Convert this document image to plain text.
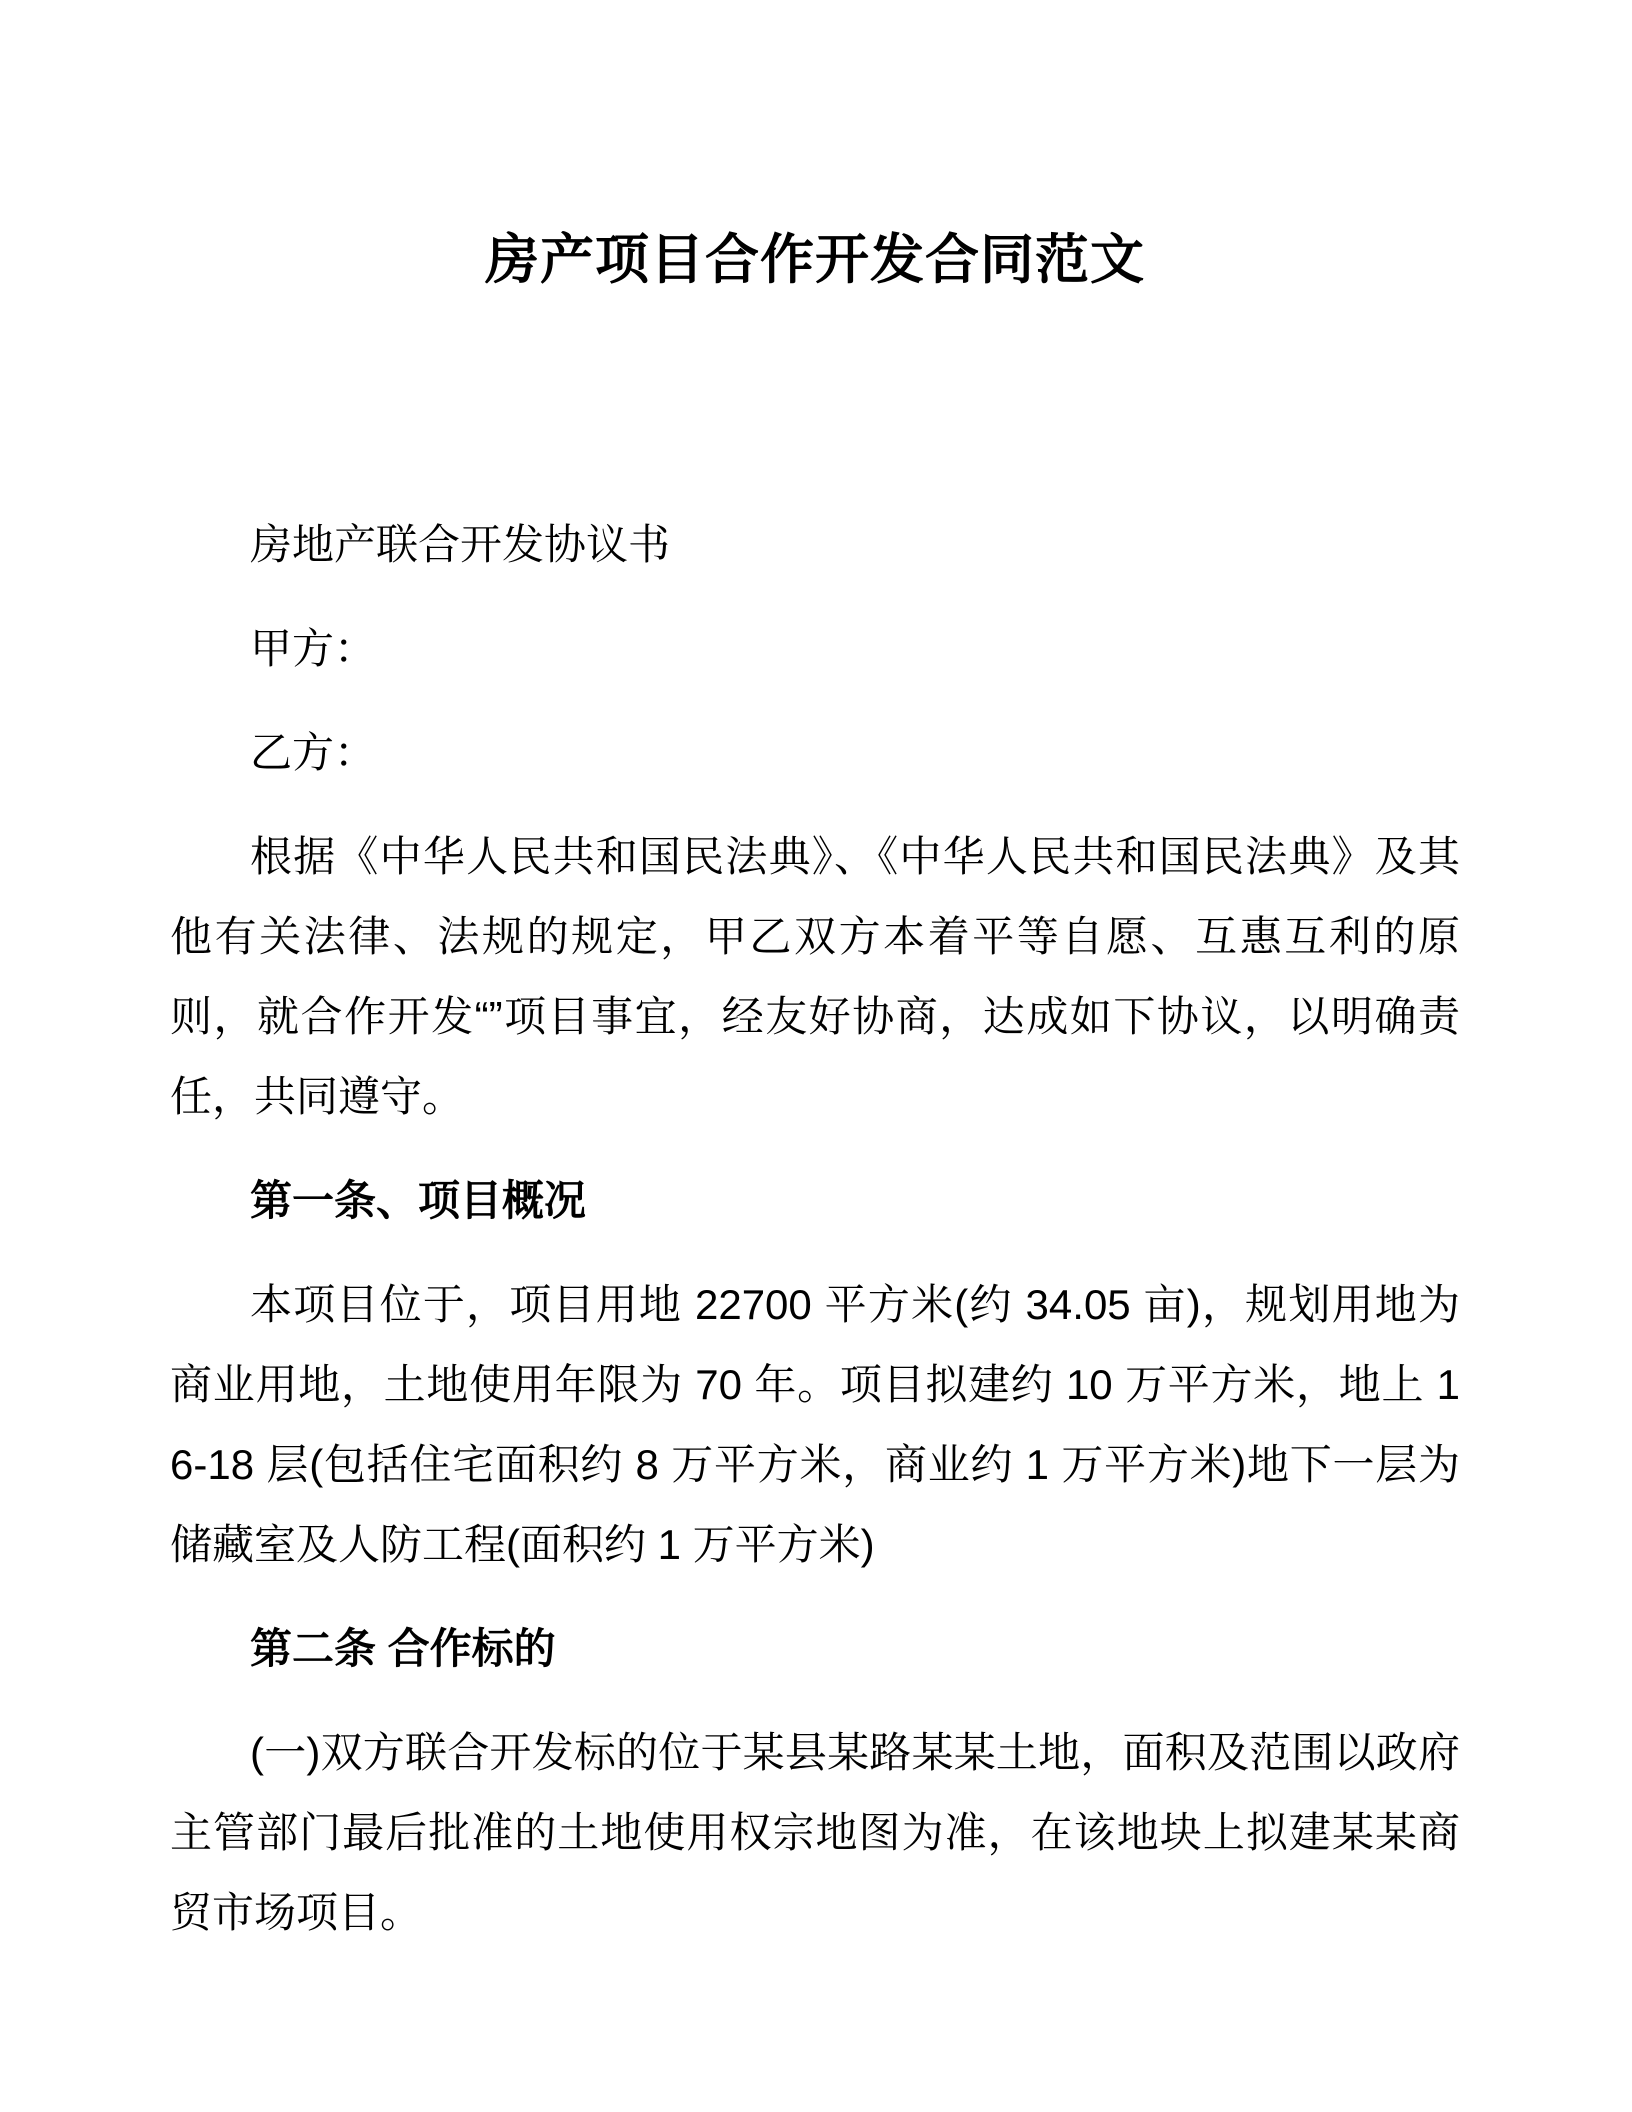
房产项目合作开发合同范文

房地产联合开发协议书

甲方：

乙方：

根据《中华人民共和国民法典》、《中华人民共和国民法典》及其他有关法律、法规的规定，甲乙双方本着平等自愿、互惠互利的原则，就合作开发“”项目事宜，经友好协商，达成如下协议，以明确责任，共同遵守。

第一条、项目概况

本项目位于，项目用地 22700 平方米(约 34.05 亩)，规划用地为商业用地，土地使用年限为 70 年。项目拟建约 10 万平方米，地上 16-18 层(包括住宅面积约 8 万平方米，商业约 1 万平方米)地下一层为储藏室及人防工程(面积约 1 万平方米)

第二条 合作标的

(一)双方联合开发标的位于某县某路某某土地，面积及范围以政府主管部门最后批准的土地使用权宗地图为准，在该地块上拟建某某商贸市场项目。
